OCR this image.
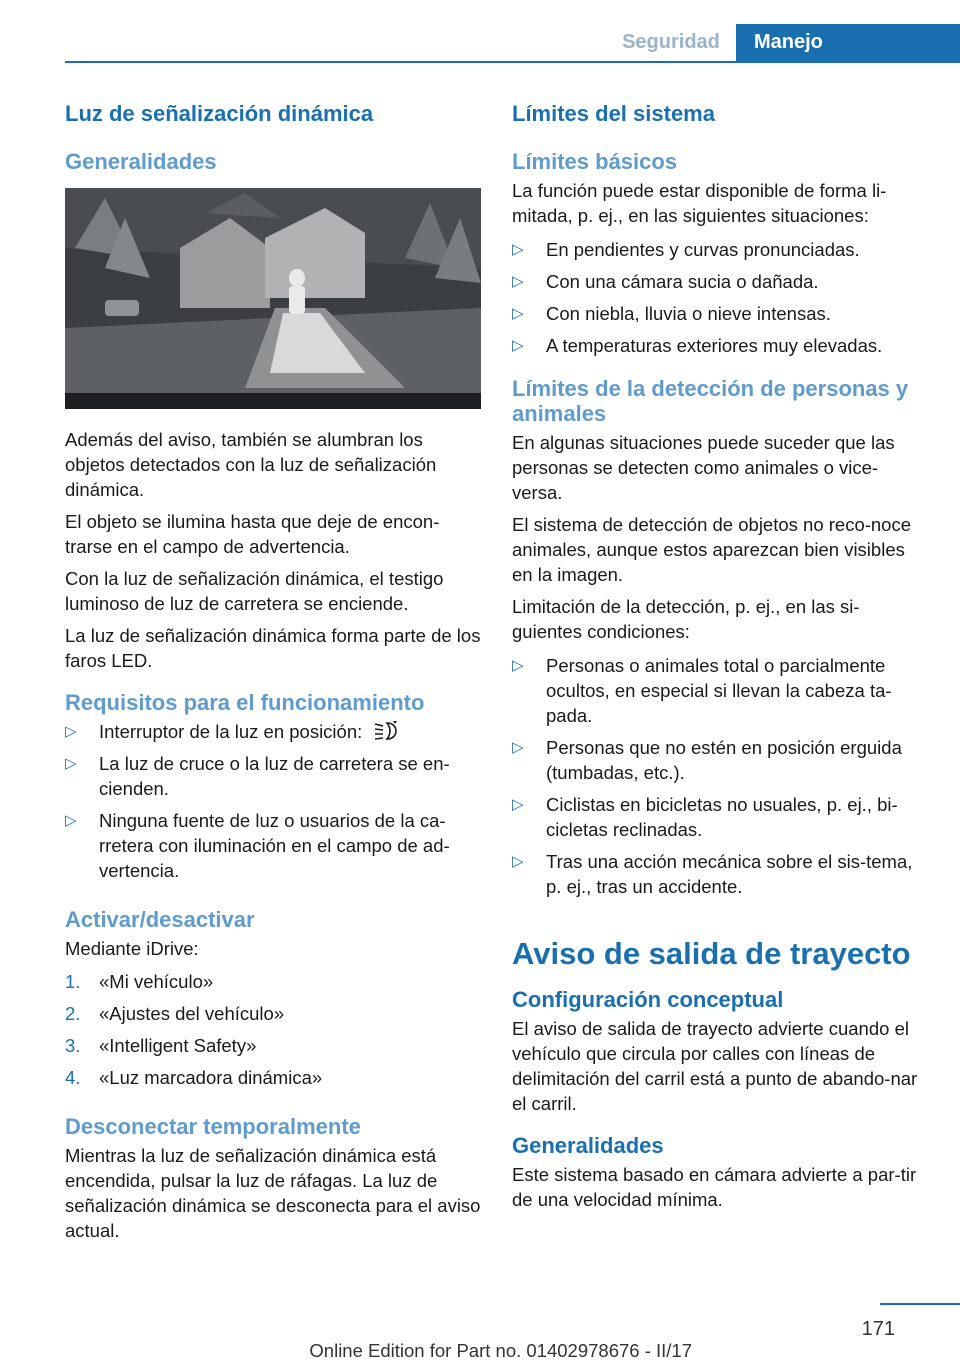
Seguridad	Manejo
Luz de señalización dinámica
Generalidades
Además del aviso, también se alumbran los objetos detectados con la luz de señalización dinámica.
El objeto se ilumina hasta que deje de encon‐trarse en el campo de advertencia.
Con la luz de señalización dinámica, el testigo luminoso de luz de carretera se enciende.
La luz de señalización dinámica forma parte de los faros LED.
Requisitos para el funcionamiento
▷	Interruptor de la luz en posición:
▷	La luz de cruce o la luz de carretera se en‐cienden.
▷	Ninguna fuente de luz o usuarios de la ca‐rretera con iluminación en el campo de ad‐vertencia.
Activar/desactivar
Mediante iDrive:
1.	«Mi vehículo»
2.	«Ajustes del vehículo»
3.	«Intelligent Safety»
4.	«Luz marcadora dinámica»
Desconectar temporalmente
Mientras la luz de señalización dinámica está encendida, pulsar la luz de ráfagas. La luz de señalización dinámica se desconecta para el aviso actual.
Límites del sistema
Límites básicos
La función puede estar disponible de forma li‐mitada, p. ej., en las siguientes situaciones:
▷	En pendientes y curvas pronunciadas.
▷	Con una cámara sucia o dañada.
▷	Con niebla, lluvia o nieve intensas.
▷	A temperaturas exteriores muy elevadas.
Límites de la detección de personas y animales
En algunas situaciones puede suceder que las personas se detecten como animales o vice‐versa.
El sistema de detección de objetos no reco‐noce animales, aunque estos aparezcan bien visibles en la imagen.
Limitación de la detección, p. ej., en las si‐guientes condiciones:
▷	Personas o animales total o parcialmente ocultos, en especial si llevan la cabeza ta‐pada.
▷	Personas que no estén en posición erguida (tumbadas, etc.).
▷	Ciclistas en bicicletas no usuales, p. ej., bi‐cicletas reclinadas.
▷	Tras una acción mecánica sobre el sis‐tema, p. ej., tras un accidente.
Aviso de salida de trayecto
Configuración conceptual
El aviso de salida de trayecto advierte cuando el vehículo que circula por calles con líneas de delimitación del carril está a punto de abando‐nar el carril.
Generalidades
Este sistema basado en cámara advierte a par‐tir de una velocidad mínima.
171
Online Edition for Part no. 01402978676 - II/17
